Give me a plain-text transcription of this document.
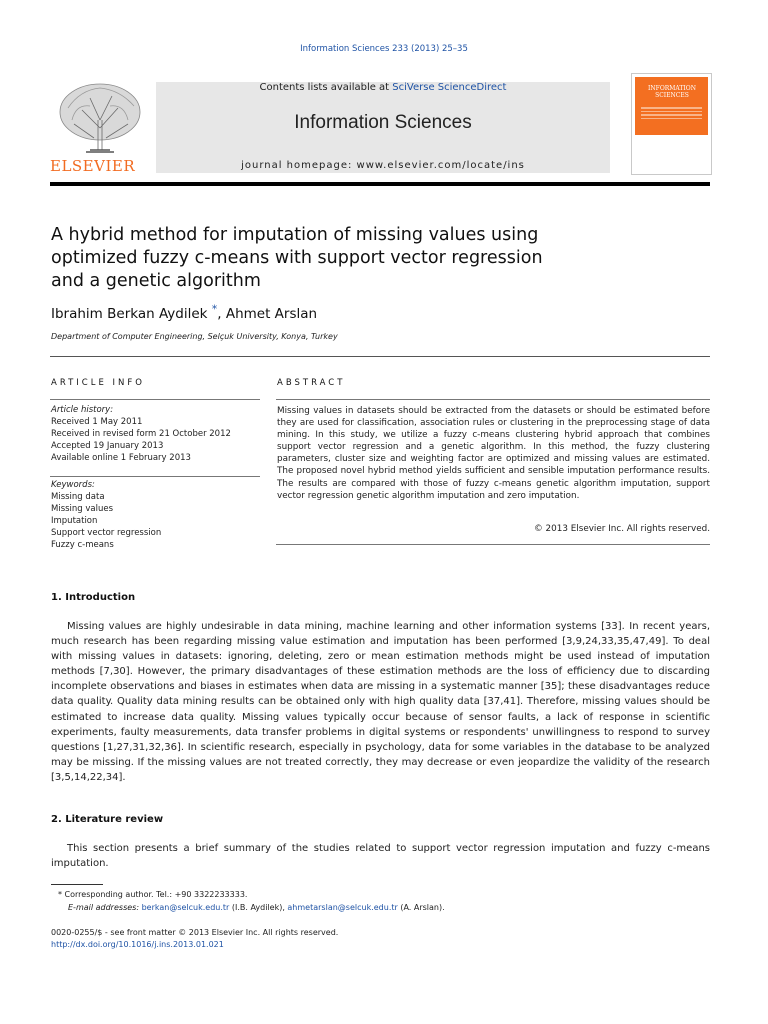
Information Sciences 233 (2013) 25–35
ELSEVIER
Contents lists available at SciVerse ScienceDirect
Information Sciences
journal homepage: www.elsevier.com/locate/ins
INFORMATION SCIENCES
A hybrid method for imputation of missing values using optimized fuzzy c-means with support vector regression and a genetic algorithm
Ibrahim Berkan Aydilek *, Ahmet Arslan
Department of Computer Engineering, Selçuk University, Konya, Turkey
ARTICLE INFO
Article history:
Received 1 May 2011
Received in revised form 21 October 2012
Accepted 19 January 2013
Available online 1 February 2013
Keywords:
Missing data
Missing values
Imputation
Support vector regression
Fuzzy c-means
ABSTRACT

Missing values in datasets should be extracted from the datasets or should be estimated before they are used for classification, association rules or clustering in the preprocessing stage of data mining. In this study, we utilize a fuzzy c-means clustering hybrid approach that combines support vector regression and a genetic algorithm. In this method, the fuzzy clustering parameters, cluster size and weighting factor are optimized and missing values are estimated. The proposed novel hybrid method yields sufficient and sensible imputation performance results. The results are compared with those of fuzzy c-means genetic algorithm imputation, support vector regression genetic algorithm imputation and zero imputation.

© 2013 Elsevier Inc. All rights reserved.
1. Introduction

Missing values are highly undesirable in data mining, machine learning and other information systems [33]. In recent years, much research has been regarding missing value estimation and imputation has been performed [3,9,24,33,35,47,49]. To deal with missing values in datasets: ignoring, deleting, zero or mean estimation methods might be used instead of imputation methods [7,30]. However, the primary disadvantages of these estimation methods are the loss of efficiency due to discarding incomplete observations and biases in estimates when data are missing in a systematic manner [35]; these disadvantages reduce data quality. Quality data mining results can be obtained only with high quality data [37,41]. Therefore, missing values should be estimated to increase data quality. Missing values typically occur because of sensor faults, a lack of response in scientific experiments, faulty measurements, data transfer problems in digital systems or respondents' unwillingness to respond to survey questions [1,27,31,32,36]. In scientific research, especially in psychology, data for some variables in the database to be analyzed may be missing. If the missing values are not treated correctly, they may decrease or even jeopardize the validity of the research [3,5,14,22,34].

2. Literature review

This section presents a brief summary of the studies related to support vector regression imputation and fuzzy c-means imputation.

* Corresponding author. Tel.: +90 3322233333.
E-mail addresses: berkan@selcuk.edu.tr (I.B. Aydilek), ahmetarslan@selcuk.edu.tr (A. Arslan).
0020-0255/$ - see front matter © 2013 Elsevier Inc. All rights reserved.
http://dx.doi.org/10.1016/j.ins.2013.01.021
